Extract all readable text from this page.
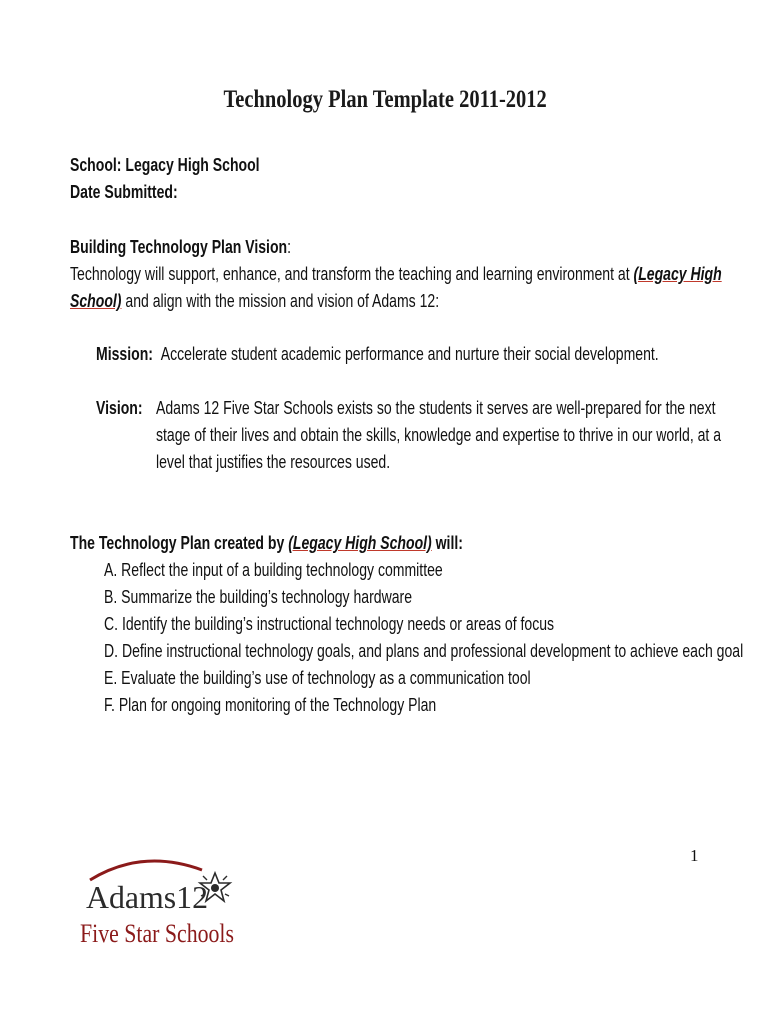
Technology Plan Template 2011-2012
School: Legacy High School
Date Submitted:
Building Technology Plan Vision:
Technology will support, enhance, and transform the teaching and learning environment at (Legacy High
School) and align with the mission and vision of Adams 12:
Mission: Accelerate student academic performance and nurture their social development.
Vision: Adams 12 Five Star Schools exists so the students it serves are well-prepared for the next
stage of their lives and obtain the skills, knowledge and expertise to thrive in our world, at a
level that justifies the resources used.
The Technology Plan created by (Legacy High School) will:
A. Reflect the input of a building technology committee
B. Summarize the building’s technology hardware
C. Identify the building’s instructional technology needs or areas of focus
D. Define instructional technology goals, and plans and professional development to achieve each goal
E. Evaluate the building’s use of technology as a communication tool
F. Plan for ongoing monitoring of the Technology Plan
1
Adams12
Five Star Schools
